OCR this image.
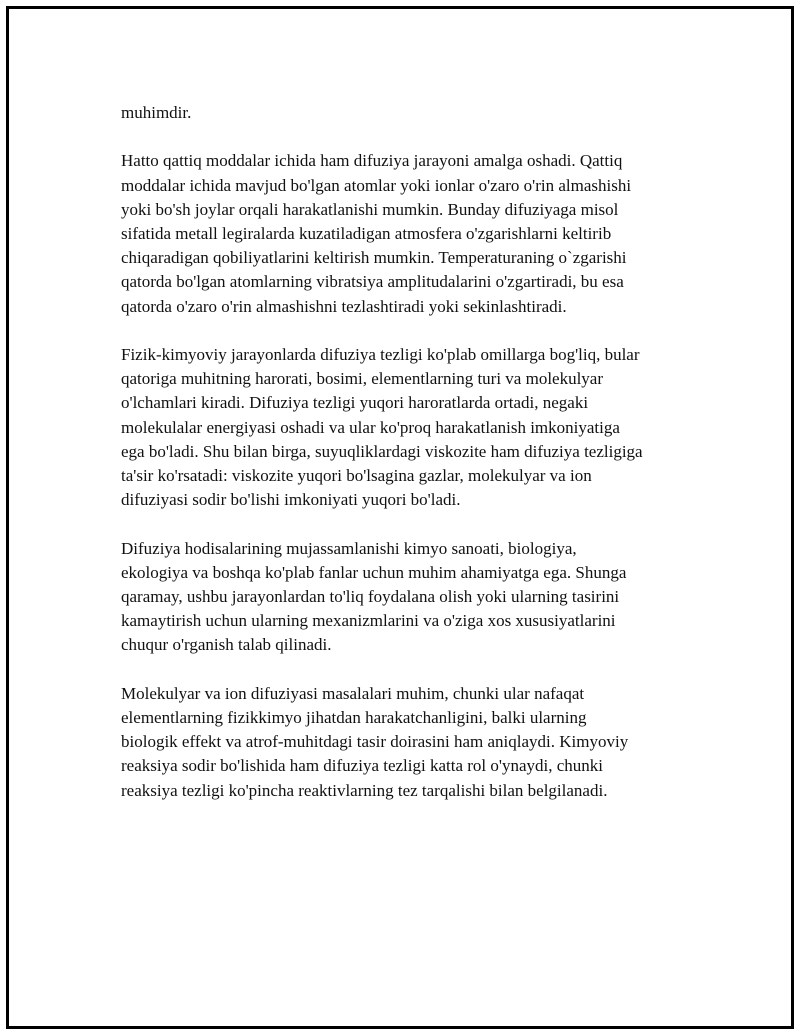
muhimdir.

Hatto qattiq moddalar ichida ham difuziya jarayoni amalga oshadi. Qattiq
moddalar ichida mavjud bo'lgan atomlar yoki ionlar o'zaro o'rin almashishi
yoki bo'sh joylar orqali harakatlanishi mumkin. Bunday difuziyaga misol
sifatida metall legiralarda kuzatiladigan atmosfera o'zgarishlarni keltirib
chiqaradigan qobiliyatlarini keltirish mumkin. Temperaturaning o`zgarishi
qatorda bo'lgan atomlarning vibratsiya amplitudalarini o'zgartiradi, bu esa
qatorda o'zaro o'rin almashishni tezlashtiradi yoki sekinlashtiradi.

Fizik-kimyoviy jarayonlarda difuziya tezligi ko'plab omillarga bog'liq, bular
qatoriga muhitning harorati, bosimi, elementlarning turi va molekulyar
o'lchamlari kiradi. Difuziya tezligi yuqori haroratlarda ortadi, negaki
molekulalar energiyasi oshadi va ular ko'proq harakatlanish imkoniyatiga
ega bo'ladi. Shu bilan birga, suyuqliklardagi viskozite ham difuziya tezligiga
ta'sir ko'rsatadi: viskozite yuqori bo'lsagina gazlar, molekulyar va ion
difuziyasi sodir bo'lishi imkoniyati yuqori bo'ladi.

Difuziya hodisalarining mujassamlanishi kimyo sanoati, biologiya,
ekologiya va boshqa ko'plab fanlar uchun muhim ahamiyatga ega. Shunga
qaramay, ushbu jarayonlardan to'liq foydalana olish yoki ularning tasirini
kamaytirish uchun ularning mexanizmlarini va o'ziga xos xususiyatlarini
chuqur o'rganish talab qilinadi.

Molekulyar va ion difuziyasi masalalari muhim, chunki ular nafaqat
elementlarning fizikkimyo jihatdan harakatchanligini, balki ularning
biologik effekt va atrof-muhitdagi tasir doirasini ham aniqlaydi. Kimyoviy
reaksiya sodir bo'lishida ham difuziya tezligi katta rol o'ynaydi, chunki
reaksiya tezligi ko'pincha reaktivlarning tez tarqalishi bilan belgilanadi.
